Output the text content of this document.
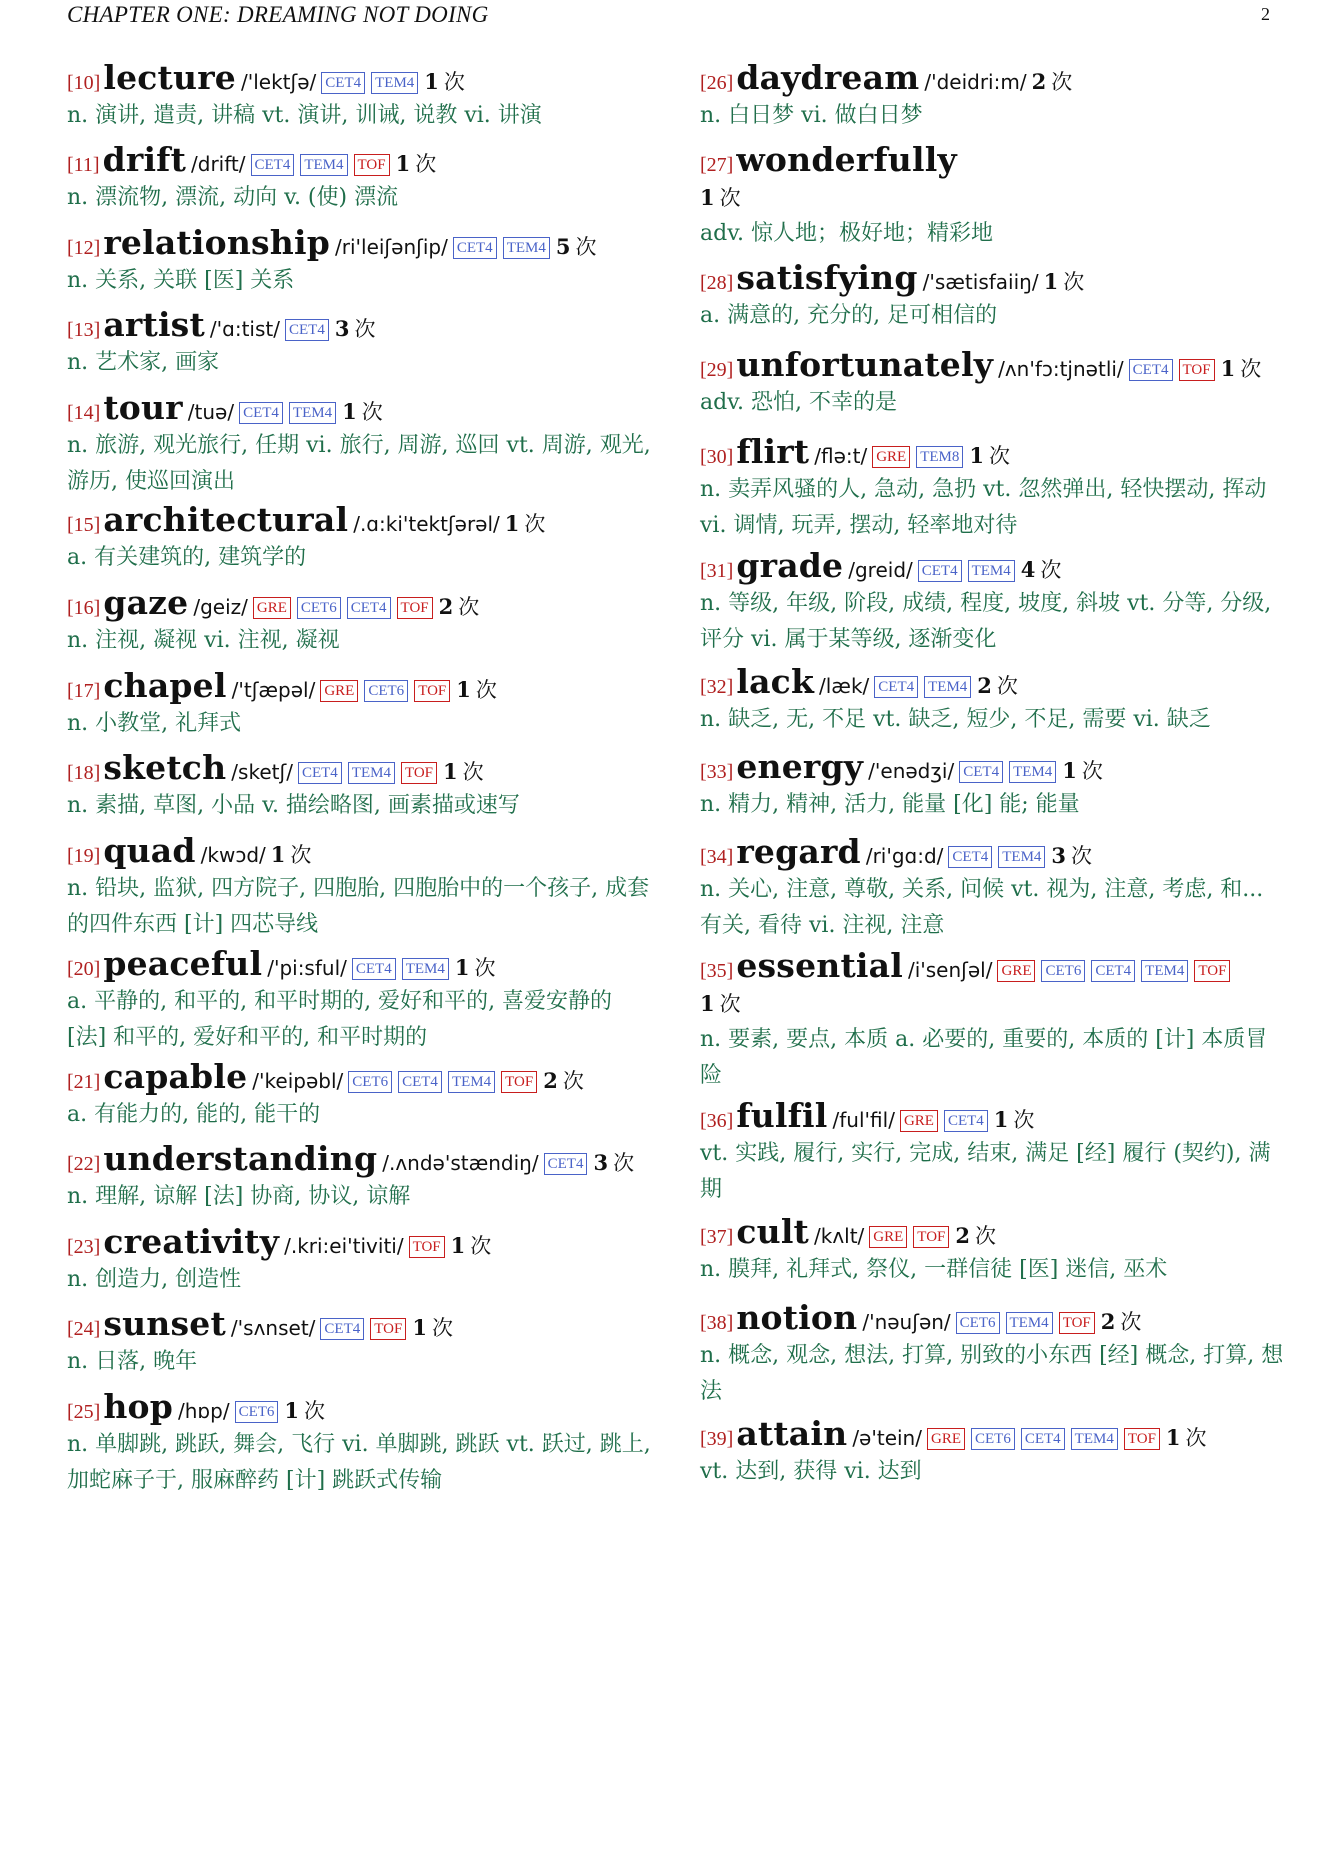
CHAPTER ONE: DREAMING NOT DOING	2
[10] lecture /'lektʃə/ CET4 TEM4 1 次
n. 演讲, 遣责, 讲稿 vt. 演讲, 训诫, 说教 vi. 讲演
[11] drift /drift/ CET4 TEM4 TOF 1 次
n. 漂流物, 漂流, 动向 v. (使) 漂流
[12] relationship /ri'leiʃənʃip/ CET4 TEM4 5 次
n. 关系, 关联 [医] 关系
[13] artist /'ɑ:tist/ CET4 3 次
n. 艺术家, 画家
[14] tour /tuə/ CET4 TEM4 1 次
n. 旅游, 观光旅行, 任期 vi. 旅行, 周游, 巡回 vt. 周游, 观光, 游历, 使巡回演出
[15] architectural /.ɑ:ki'tektʃərəl/ 1 次
a. 有关建筑的, 建筑学的
[16] gaze /geiz/ GRE CET6 CET4 TOF 2 次
n. 注视, 凝视 vi. 注视, 凝视
[17] chapel /'tʃæpəl/ GRE CET6 TOF 1 次
n. 小教堂, 礼拜式
[18] sketch /sketʃ/ CET4 TEM4 TOF 1 次
n. 素描, 草图, 小品 v. 描绘略图, 画素描或速写
[19] quad /kwɔd/ 1 次
n. 铅块, 监狱, 四方院子, 四胞胎, 四胞胎中的一个孩子, 成套的四件东西 [计] 四芯导线
[20] peaceful /'pi:sful/ CET4 TEM4 1 次
a. 平静的, 和平的, 和平时期的, 爱好和平的, 喜爱安静的 [法] 和平的, 爱好和平的, 和平时期的
[21] capable /'keipəbl/ CET6 CET4 TEM4 TOF 2 次
a. 有能力的, 能的, 能干的
[22] understanding /.ʌndə'stændiŋ/ CET4 3 次
n. 理解, 谅解 [法] 协商, 协议, 谅解
[23] creativity /.kri:ei'tiviti/ TOF 1 次
n. 创造力, 创造性
[24] sunset /'sʌnset/ CET4 TOF 1 次
n. 日落, 晚年
[25] hop /hɒp/ CET6 1 次
n. 单脚跳, 跳跃, 舞会, 飞行 vi. 单脚跳, 跳跃 vt. 跃过, 跳上, 加蛇麻子于, 服麻醉药 [计] 跳跃式传输
[26] daydream /'deidri:m/ 2 次
n. 白日梦 vi. 做白日梦
[27] wonderfully
1 次
adv. 惊人地；极好地；精彩地
[28] satisfying /'sætisfaiiŋ/ 1 次
a. 满意的, 充分的, 足可相信的
[29] unfortunately /ʌn'fɔ:tjnətli/ CET4 TOF 1 次
adv. 恐怕, 不幸的是
[30] flirt /flə:t/ GRE TEM8 1 次
n. 卖弄风骚的人, 急动, 急扔 vt. 忽然弹出, 轻快摆动, 挥动 vi. 调情, 玩弄, 摆动, 轻率地对待
[31] grade /greid/ CET4 TEM4 4 次
n. 等级, 年级, 阶段, 成绩, 程度, 坡度, 斜坡 vt. 分等, 分级, 评分 vi. 属于某等级, 逐渐变化
[32] lack /læk/ CET4 TEM4 2 次
n. 缺乏, 无, 不足 vt. 缺乏, 短少, 不足, 需要 vi. 缺乏
[33] energy /'enədʒi/ CET4 TEM4 1 次
n. 精力, 精神, 活力, 能量 [化] 能; 能量
[34] regard /ri'gɑ:d/ CET4 TEM4 3 次
n. 关心, 注意, 尊敬, 关系, 问候 vt. 视为, 注意, 考虑, 和...有关, 看待 vi. 注视, 注意
[35] essential /i'senʃəl/ GRE CET6 CET4 TEM4 TOF
1 次
n. 要素, 要点, 本质 a. 必要的, 重要的, 本质的 [计] 本质冒险
[36] fulfil /ful'fil/ GRE CET4 1 次
vt. 实践, 履行, 实行, 完成, 结束, 满足 [经] 履行 (契约), 满期
[37] cult /kʌlt/ GRE TOF 2 次
n. 膜拜, 礼拜式, 祭仪, 一群信徒 [医] 迷信, 巫术
[38] notion /'nəuʃən/ CET6 TEM4 TOF 2 次
n. 概念, 观念, 想法, 打算, 别致的小东西 [经] 概念, 打算, 想法
[39] attain /ə'tein/ GRE CET6 CET4 TEM4 TOF 1 次
vt. 达到, 获得 vi. 达到
